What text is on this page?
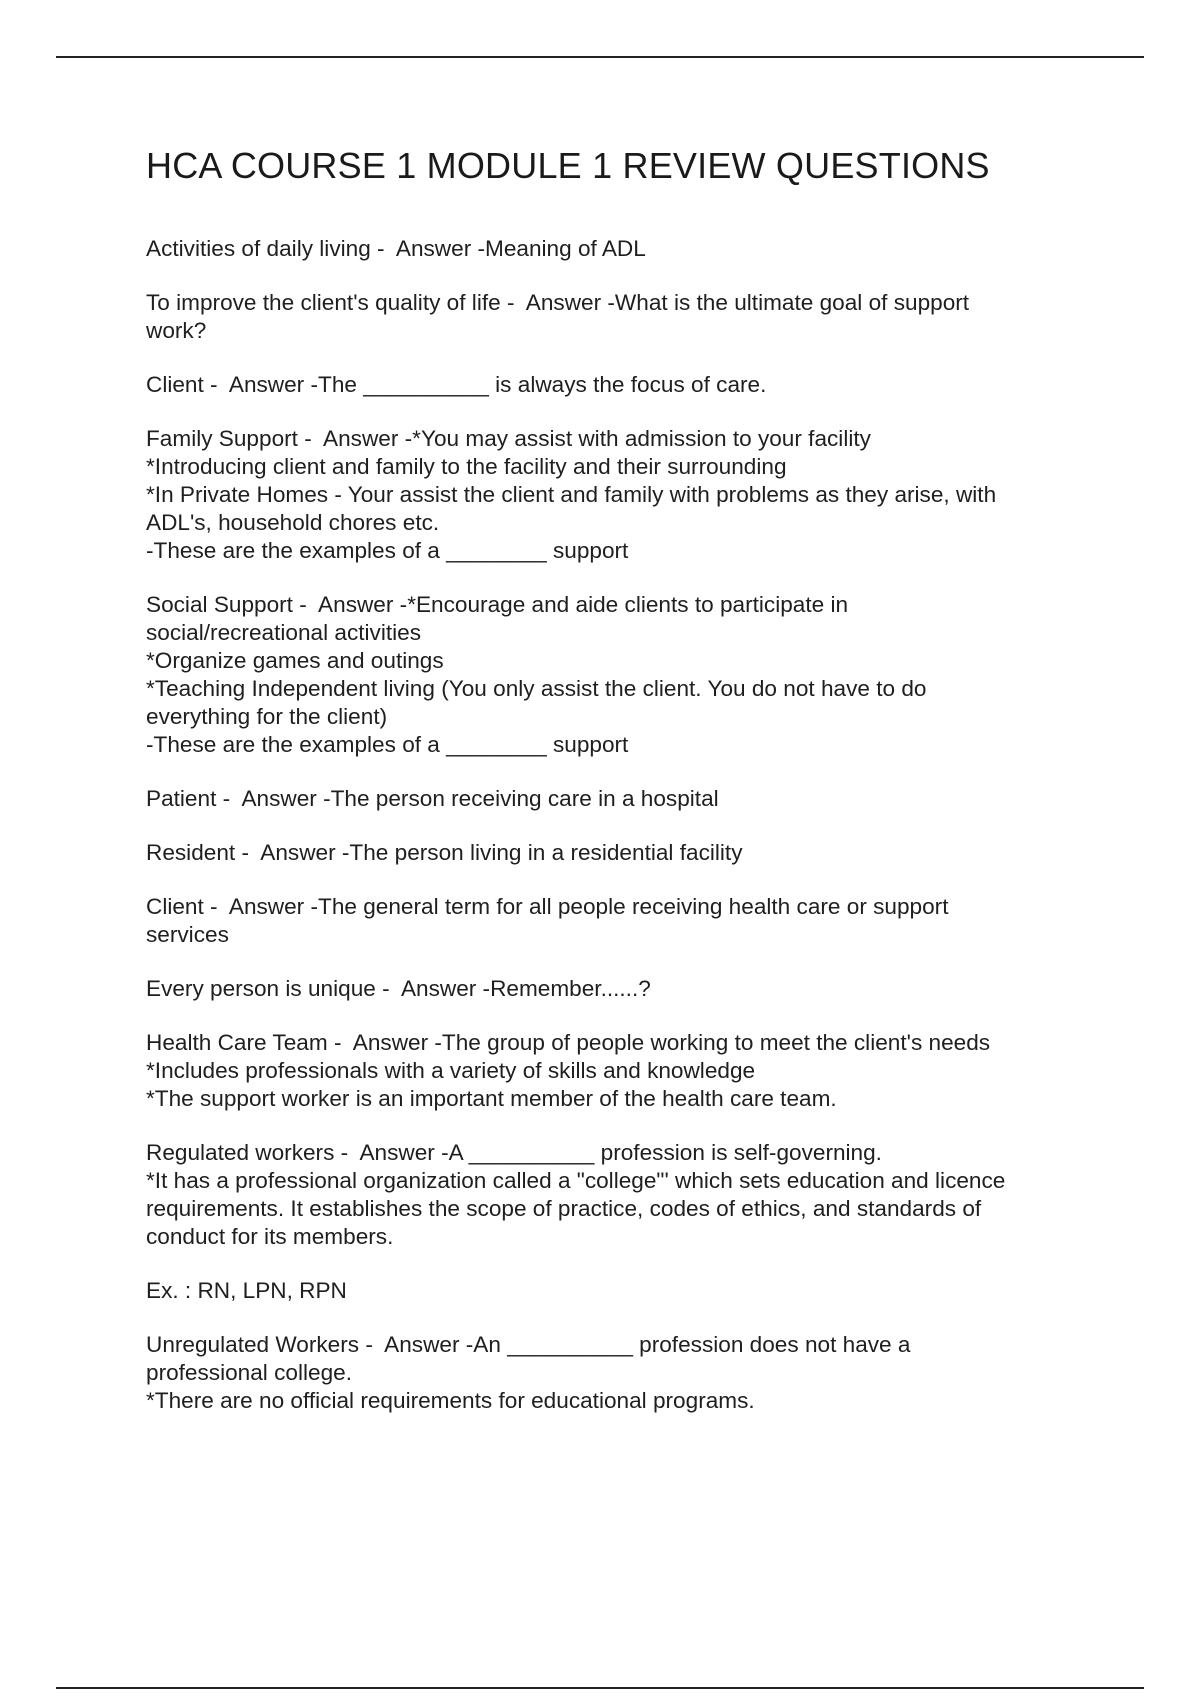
HCA COURSE 1 MODULE 1 REVIEW QUESTIONS
Activities of daily living -  Answer -Meaning of ADL
To improve the client's quality of life -  Answer -What is the ultimate goal of support
work?
Client -  Answer -The __________ is always the focus of care.
Family Support -  Answer -*You may assist with admission to your facility
*Introducing client and family to the facility and their surrounding
*In Private Homes - Your assist the client and family with problems as they arise, with
ADL's, household chores etc.
-These are the examples of a ________ support
Social Support -  Answer -*Encourage and aide clients to participate in
social/recreational activities
*Organize games and outings
*Teaching Independent living (You only assist the client. You do not have to do
everything for the client)
-These are the examples of a ________ support
Patient -  Answer -The person receiving care in a hospital
Resident -  Answer -The person living in a residential facility
Client -  Answer -The general term for all people receiving health care or support
services
Every person is unique -  Answer -Remember......?
Health Care Team -  Answer -The group of people working to meet the client's needs
*Includes professionals with a variety of skills and knowledge
*The support worker is an important member of the health care team.
Regulated workers -  Answer -A __________ profession is self-governing.
*It has a professional organization called a "college"' which sets education and licence
requirements. It establishes the scope of practice, codes of ethics, and standards of
conduct for its members.
Ex. : RN, LPN, RPN
Unregulated Workers -  Answer -An __________ profession does not have a
professional college.
*There are no official requirements for educational programs.
